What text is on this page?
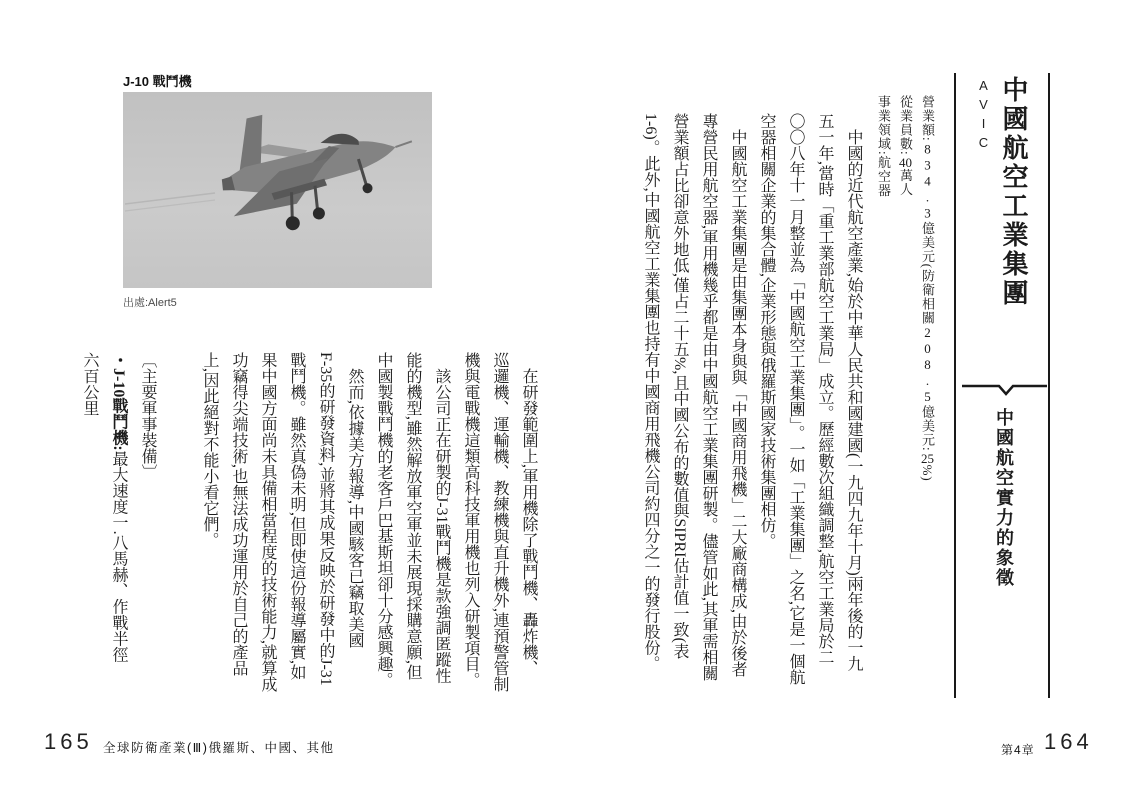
中國航空工業集團
AVIC
中國航空實力的象徵
營業額:834.3億美元(防衛相關208.5億美元:25%)
從業員數:40萬人
事業領域:航空器
　中國的近代航空產業,始於中華人民共和國建國(一九四九年十月)兩年後的一九
五一年,當時「重工業部航空工業局」成立。歷經數次組織調整,航空工業局於二
〇〇八年十一月整並為「中國航空工業集團」。一如「工業集團」之名,它是一個航
空器相關企業的集合體,企業形態與俄羅斯國家技術集團相仿。
　中國航空工業集團是由集團本身與與「中國商用飛機」二大廠商構成,由於後者
專營民用航空器,軍用機幾乎都是由中國航空工業集團研製。儘管如此,其軍需相關
營業額占比卻意外地低,僅占二十五%,且中國公布的數值與SIPRI估計值一致(表
1-6)。此外,中國航空工業集團也持有中國商用飛機公司約四分之一的發行股份。
第4章 164
J-10 戰鬥機
出處:Alert5
　在研發範圍上,軍用機除了戰鬥機、轟炸機、
巡邏機、運輸機、教練機與直升機外,連預警管制
機與電戰機這類高科技軍用機也列入研製項目。
　該公司正在研製的J-31戰鬥機是款強調匿蹤性
能的機型,雖然解放軍空軍並未展現採購意願,但
中國製戰鬥機的老客戶巴基斯坦卻十分感興趣。
　然而,依據美方報導,中國駭客已竊取美國
F-35的研發資料,並將其成果反映於研發中的J-31
戰鬥機。雖然真偽未明,但即使這份報導屬實,如
果中國方面尚未具備相當程度的技術能力,就算成
功竊得尖端技術,也無法成功運用於自己的產品
上,因此絕對不能小看它們。
〔主要軍事裝備〕
・J-10戰鬥機:最大速度一.八馬赫、作戰半徑
六百公里
165 全球防衛產業(Ⅲ)俄羅斯、中國、其他
